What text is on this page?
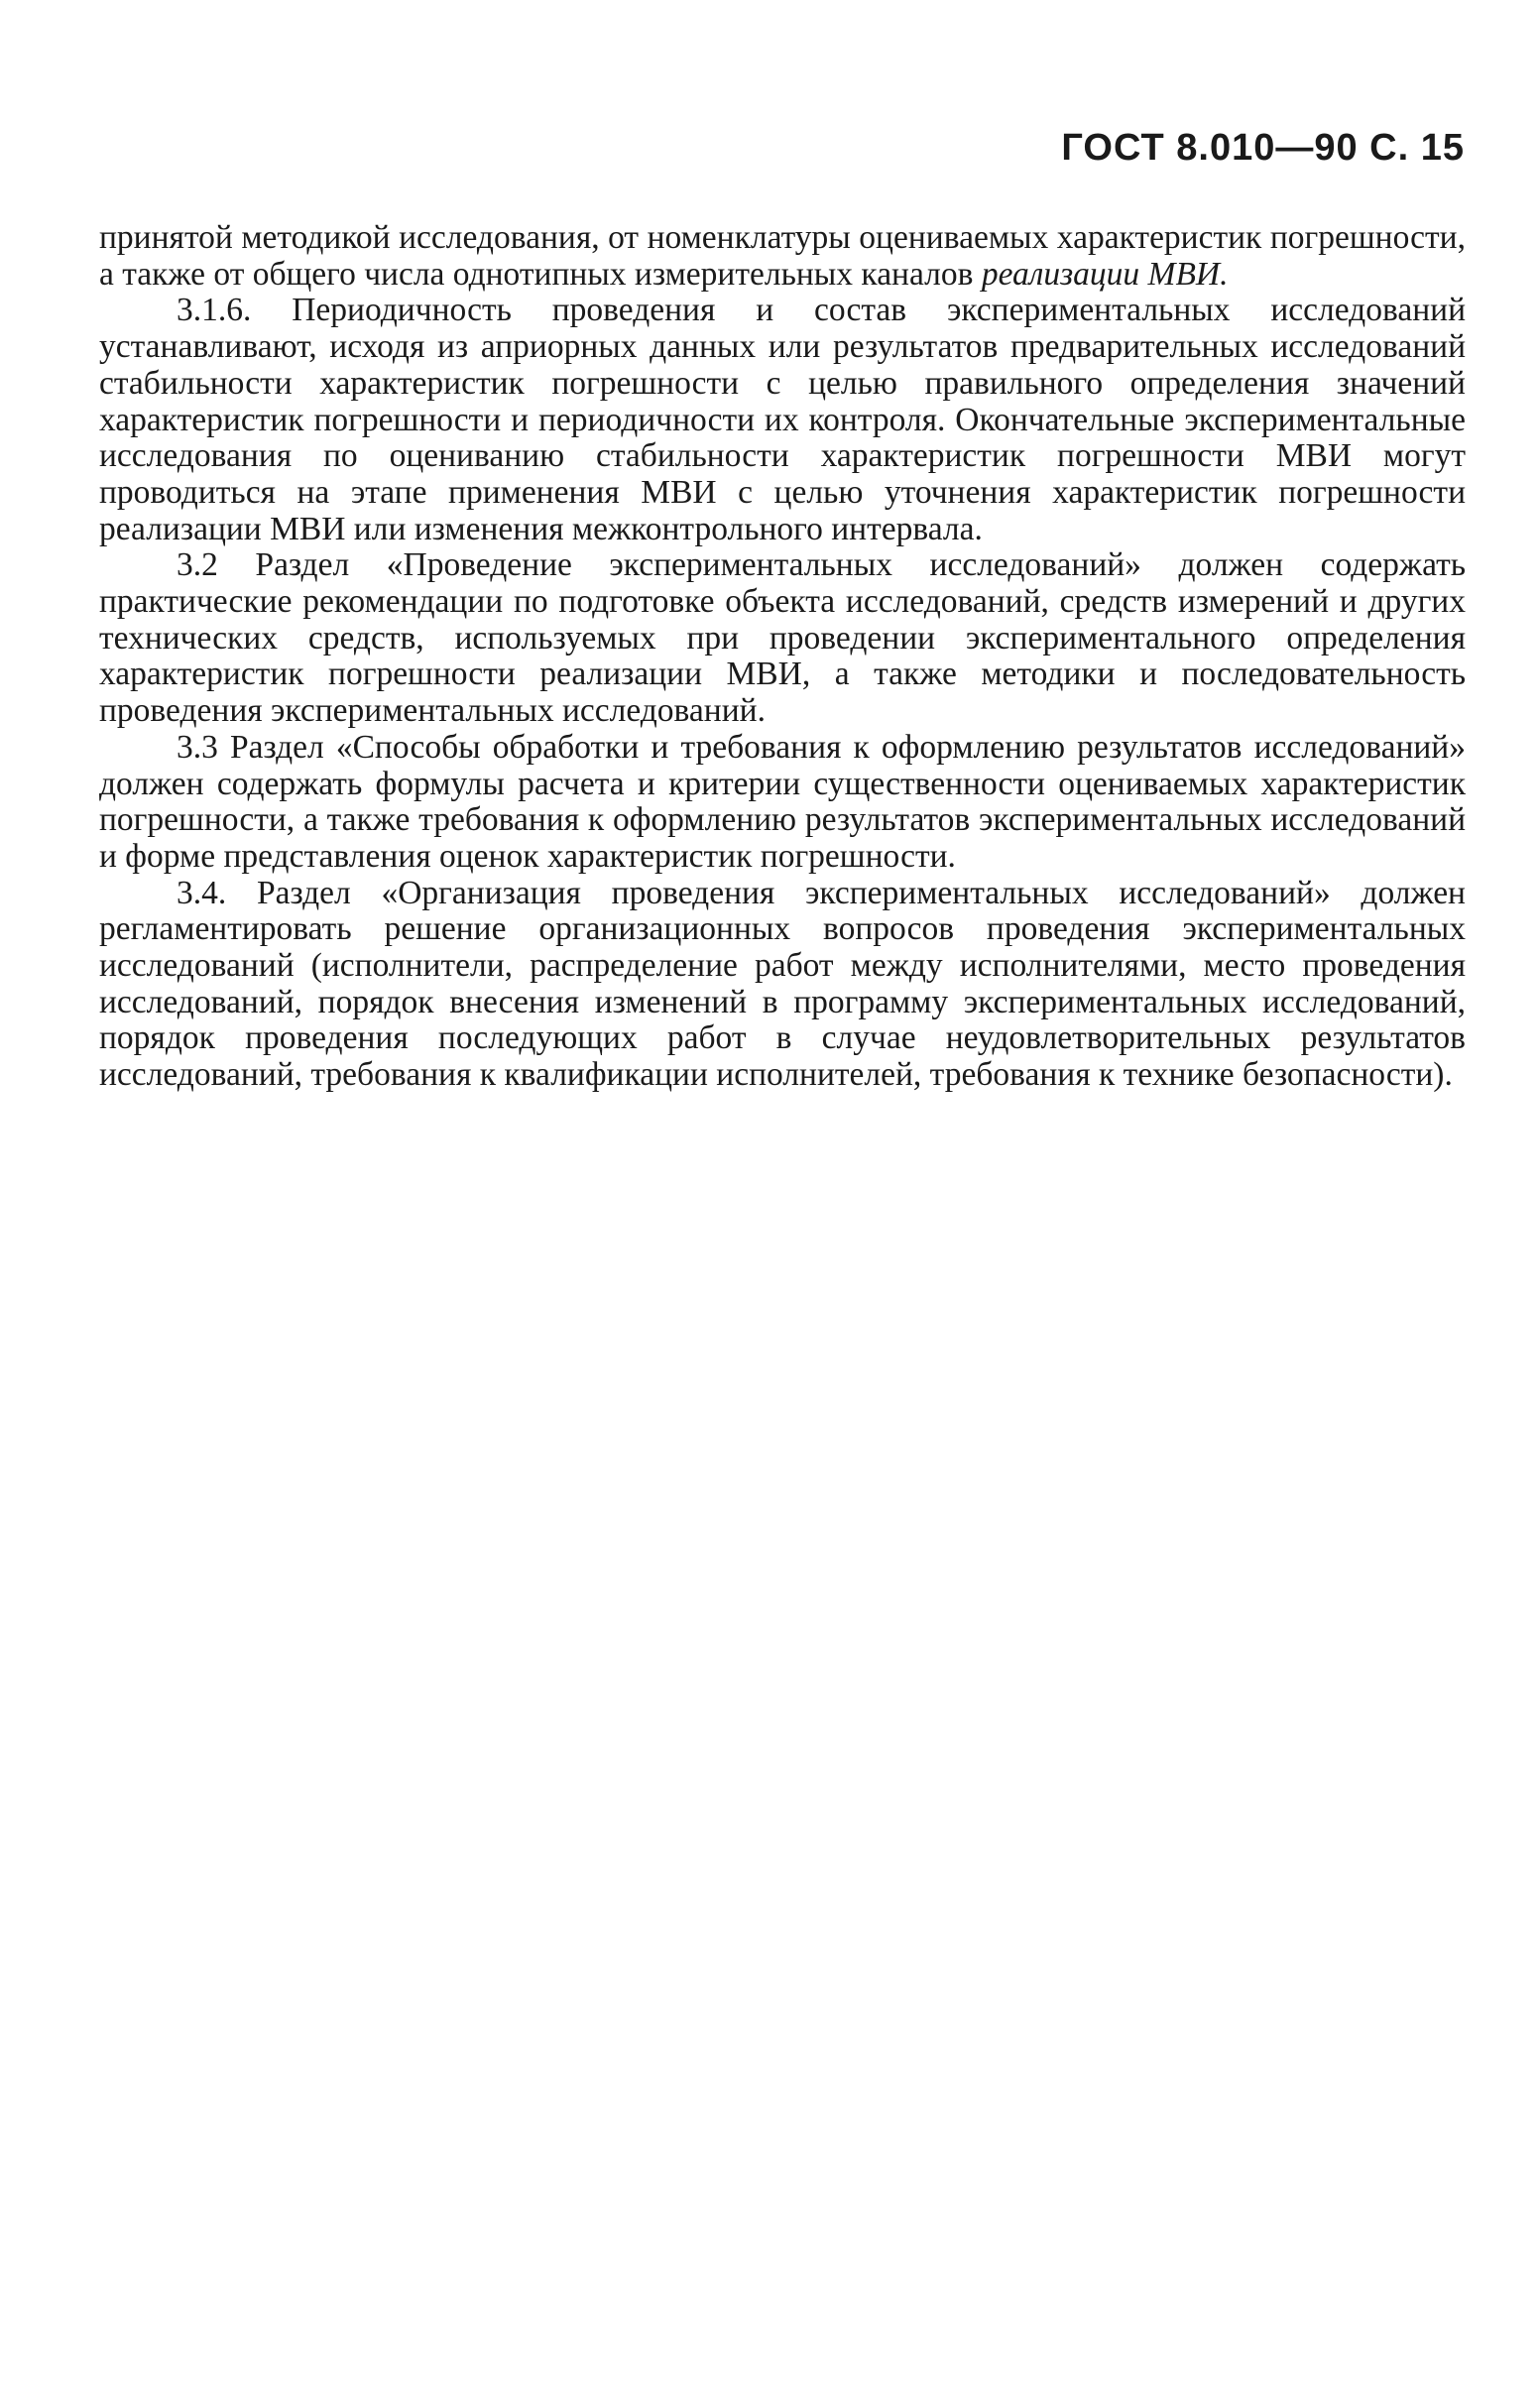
ГОСТ 8.010—90 С. 15

принятой методикой исследования, от номенклатуры оцениваемых характеристик погрешности, а также от общего числа однотипных измерительных каналов реализации МВИ.

3.1.6. Периодичность проведения и состав экспериментальных исследований устанавливают, исходя из априорных данных или результатов предварительных исследований стабильности характеристик погрешности с целью правильного определения значений характеристик погрешности и периодичности их контроля. Окончательные экспериментальные исследования по оцениванию стабильности характеристик погрешности МВИ могут проводиться на этапе применения МВИ с целью уточнения характеристик погрешности реализации МВИ или изменения межконтрольного интервала.

3.2 Раздел «Проведение экспериментальных исследований» должен содержать практические рекомендации по подготовке объекта исследований, средств измерений и других технических средств, используемых при проведении экспериментального определения характеристик погрешности реализации МВИ, а также методики и последовательность проведения экспериментальных исследований.

3.3 Раздел «Способы обработки и требования к оформлению результатов исследований» должен содержать формулы расчета и критерии существенности оцениваемых характеристик погрешности, а также требования к оформлению результатов экспериментальных исследований и форме представления оценок характеристик погрешности.

3.4. Раздел «Организация проведения экспериментальных исследований» должен регламентировать решение организационных вопросов проведения экспериментальных исследований (исполнители, распределение работ между исполнителями, место проведения исследований, порядок внесения изменений в программу экспериментальных исследований, порядок проведения последующих работ в случае неудовлетворительных результатов исследований, требования к квалификации исполнителей, требования к технике безопасности).
